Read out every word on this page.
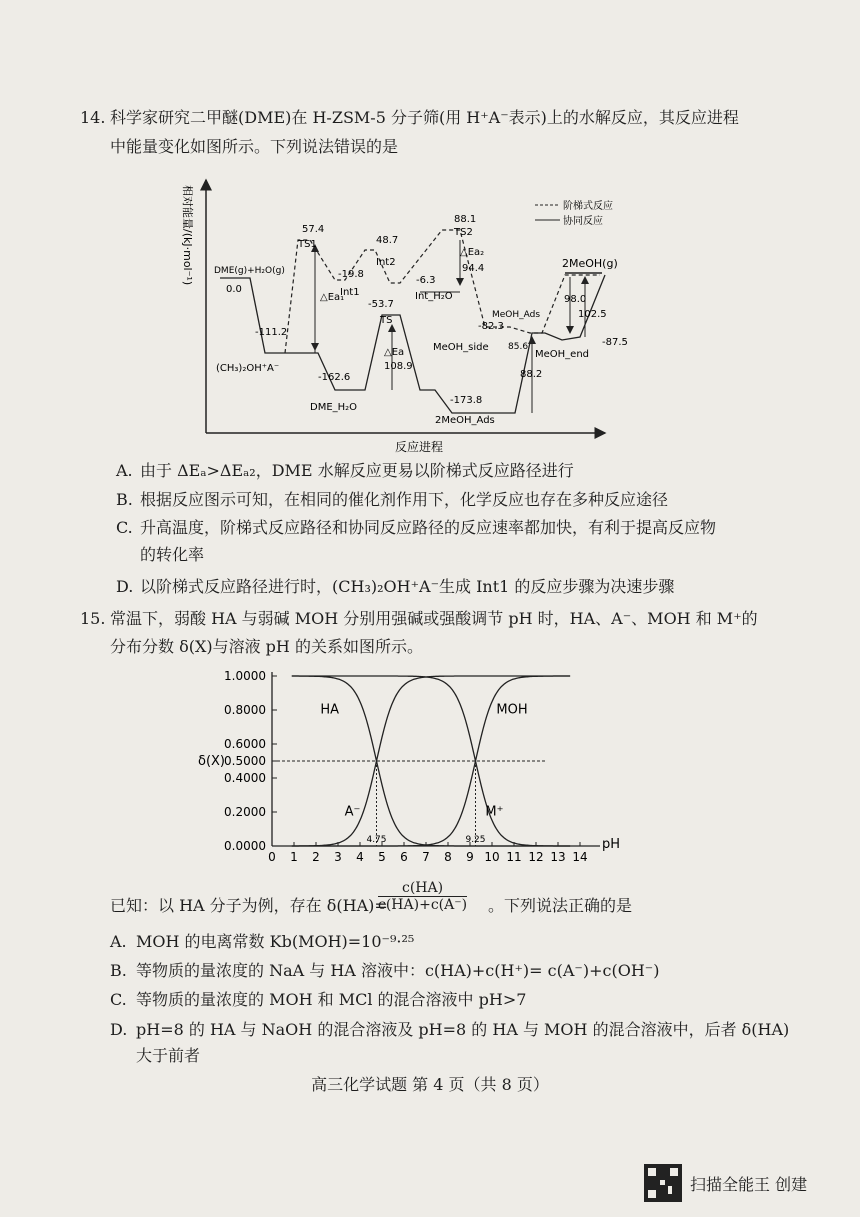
14. 科学家研究二甲醚(DME)在 H-ZSM-5 分子筛(用 H⁺A⁻表示)上的水解反应，其反应进程
中能量变化如图所示。下列说法错误的是
相对能量/(kJ·mol⁻¹)
反应进程
阶梯式反应
协同反应
DME(g)+H₂O(g)
0.0
-111.2
(CH₃)₂OH⁺A⁻
-162.6
DME_H₂O
57.4
TS1
△Ea₁
-19.8
Int1
48.7
Int2
-6.3
Int_H₂O
88.1
TS2
△Ea₂
94.4
-53.7
TS
△Ea
108.9
-173.8
2MeOH_Ads
88.2
MeOH_Ads
-82.3
MeOH_side 85.6
MeOH_end
-87.5
98.0
102.5
2MeOH(g)
A. 由于 ΔEₐ>ΔEₐ₂，DME 水解反应更易以阶梯式反应路径进行
B. 根据反应图示可知，在相同的催化剂作用下，化学反应也存在多种反应途径
C. 升高温度，阶梯式反应路径和协同反应路径的反应速率都加快，有利于提高反应物
的转化率
D. 以阶梯式反应路径进行时，(CH₃)₂OH⁺A⁻生成 Int1 的反应步骤为决速步骤
15. 常温下，弱酸 HA 与弱碱 MOH 分别用强碱或强酸调节 pH 时，HA、A⁻、MOH 和 M⁺的
分布分数 δ(X)与溶液 pH 的关系如图所示。
0 1 2 3 4 5 6 7 8 9 10 11 12 13 14
0.0000
0.2000
0.4000
0.5000
0.6000
0.8000
1.0000
δ(X)
pH
4.75	9.25
HA
A⁻
MOH
M⁺
已知：以 HA 分子为例，存在 δ(HA)=
$\frac{c(HA)}{c(HA)+c(A^-)}$ 。下列说法正确的是
A. MOH 的电离常数 Kb(MOH)=10⁻⁹·²⁵
B. 等物质的量浓度的 NaA 与 HA 溶液中：c(HA)+c(H⁺)= c(A⁻)+c(OH⁻)
C. 等物质的量浓度的 MOH 和 MCl 的混合溶液中 pH>7
D. pH=8 的 HA 与 NaOH 的混合溶液及 pH=8 的 HA 与 MOH 的混合溶液中，后者 δ(HA)
大于前者
高三化学试题 第 4 页（共 8 页）
扫描全能王 创建
